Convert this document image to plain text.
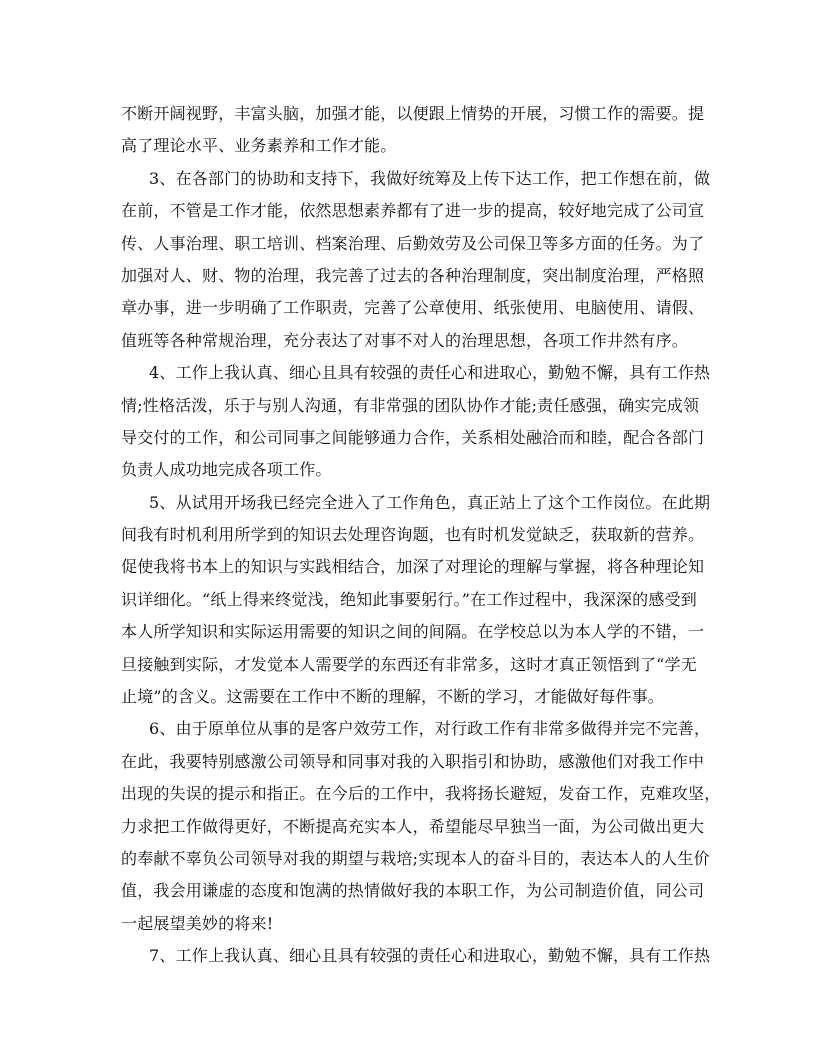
不断开阔视野，丰富头脑，加强才能，以便跟上情势的开展，习惯工作的需要。提
高了理论水平、业务素养和工作才能。
3、在各部门的协助和支持下，我做好统筹及上传下达工作，把工作想在前，做
在前，不管是工作才能，依然思想素养都有了进一步的提高，较好地完成了公司宣
传、人事治理、职工培训、档案治理、后勤效劳及公司保卫等多方面的任务。为了
加强对人、财、物的治理，我完善了过去的各种治理制度，突出制度治理，严格照
章办事，进一步明确了工作职责，完善了公章使用、纸张使用、电脑使用、请假、
值班等各种常规治理，充分表达了对事不对人的治理思想，各项工作井然有序。
4、工作上我认真、细心且具有较强的责任心和进取心，勤勉不懈，具有工作热
情;性格活泼，乐于与别人沟通，有非常强的团队协作才能;责任感强，确实完成领
导交付的工作，和公司同事之间能够通力合作，关系相处融洽而和睦，配合各部门
负责人成功地完成各项工作。
5、从试用开场我已经完全进入了工作角色，真正站上了这个工作岗位。在此期
间我有时机利用所学到的知识去处理咨询题，也有时机发觉缺乏，获取新的营养。
促使我将书本上的知识与实践相结合，加深了对理论的理解与掌握，将各种理论知
识详细化。“纸上得来终觉浅，绝知此事要躬行。”在工作过程中，我深深的感受到
本人所学知识和实际运用需要的知识之间的间隔。在学校总以为本人学的不错，一
旦接触到实际，才发觉本人需要学的东西还有非常多，这时才真正领悟到了“学无
止境”的含义。这需要在工作中不断的理解，不断的学习，才能做好每件事。
6、由于原单位从事的是客户效劳工作，对行政工作有非常多做得并完不完善，
在此，我要特别感激公司领导和同事对我的入职指引和协助，感激他们对我工作中
出现的失误的提示和指正。在今后的工作中，我将扬长避短，发奋工作，克难攻坚，
力求把工作做得更好，不断提高充实本人，希望能尽早独当一面，为公司做出更大
的奉献不辜负公司领导对我的期望与栽培;实现本人的奋斗目的，表达本人的人生价
值，我会用谦虚的态度和饱满的热情做好我的本职工作，为公司制造价值，同公司
一起展望美妙的将来!
7、工作上我认真、细心且具有较强的责任心和进取心，勤勉不懈，具有工作热
